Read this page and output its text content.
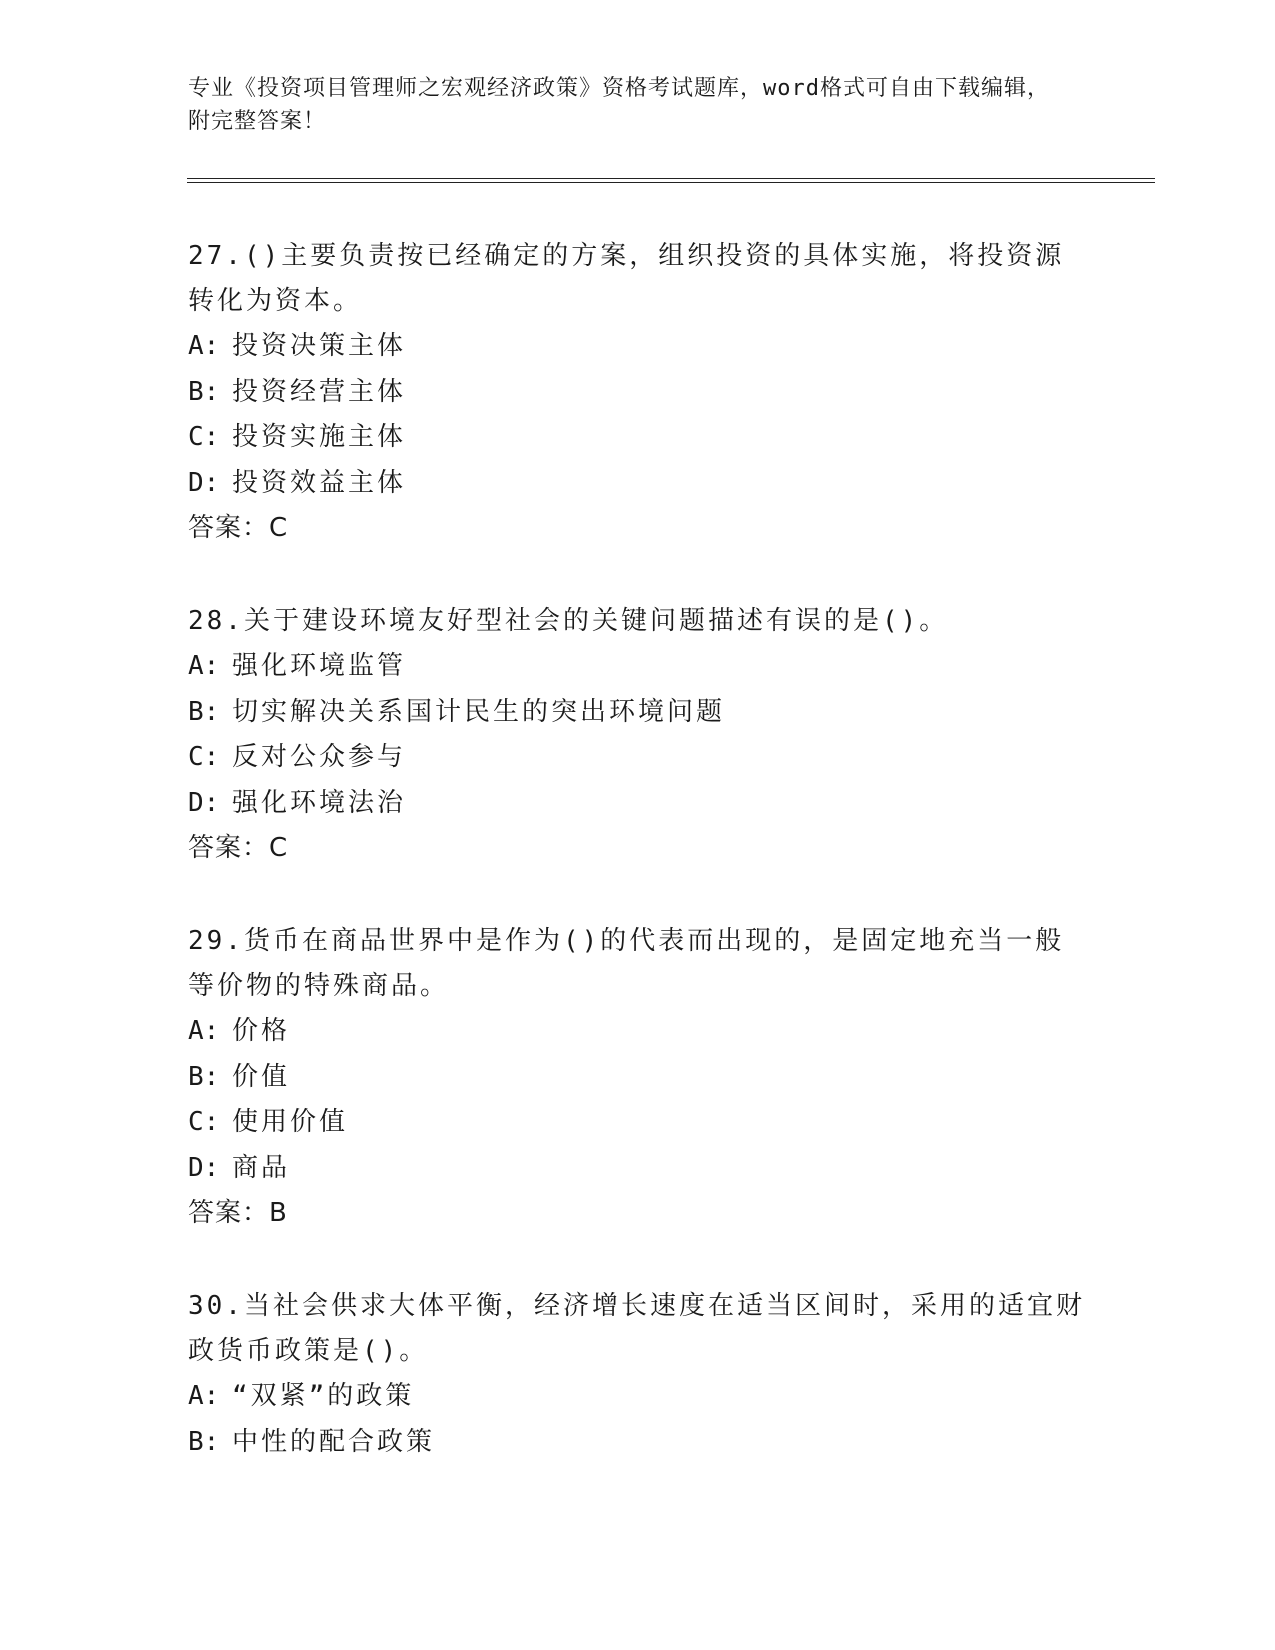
专业《投资项目管理师之宏观经济政策》资格考试题库，word格式可自由下载编辑，附完整答案！

27.()主要负责按已经确定的方案，组织投资的具体实施，将投资源转化为资本。

A: 投资决策主体
B: 投资经营主体
C: 投资实施主体
D: 投资效益主体
答案：C

28.关于建设环境友好型社会的关键问题描述有误的是()。

A: 强化环境监管
B: 切实解决关系国计民生的突出环境问题
C: 反对公众参与
D: 强化环境法治
答案：C

29.货币在商品世界中是作为()的代表而出现的，是固定地充当一般等价物的特殊商品。

A: 价格
B: 价值
C: 使用价值
D: 商品
答案：B

30.当社会供求大体平衡，经济增长速度在适当区间时，采用的适宜财政货币政策是()。

A: “双紧”的政策
B: 中性的配合政策
